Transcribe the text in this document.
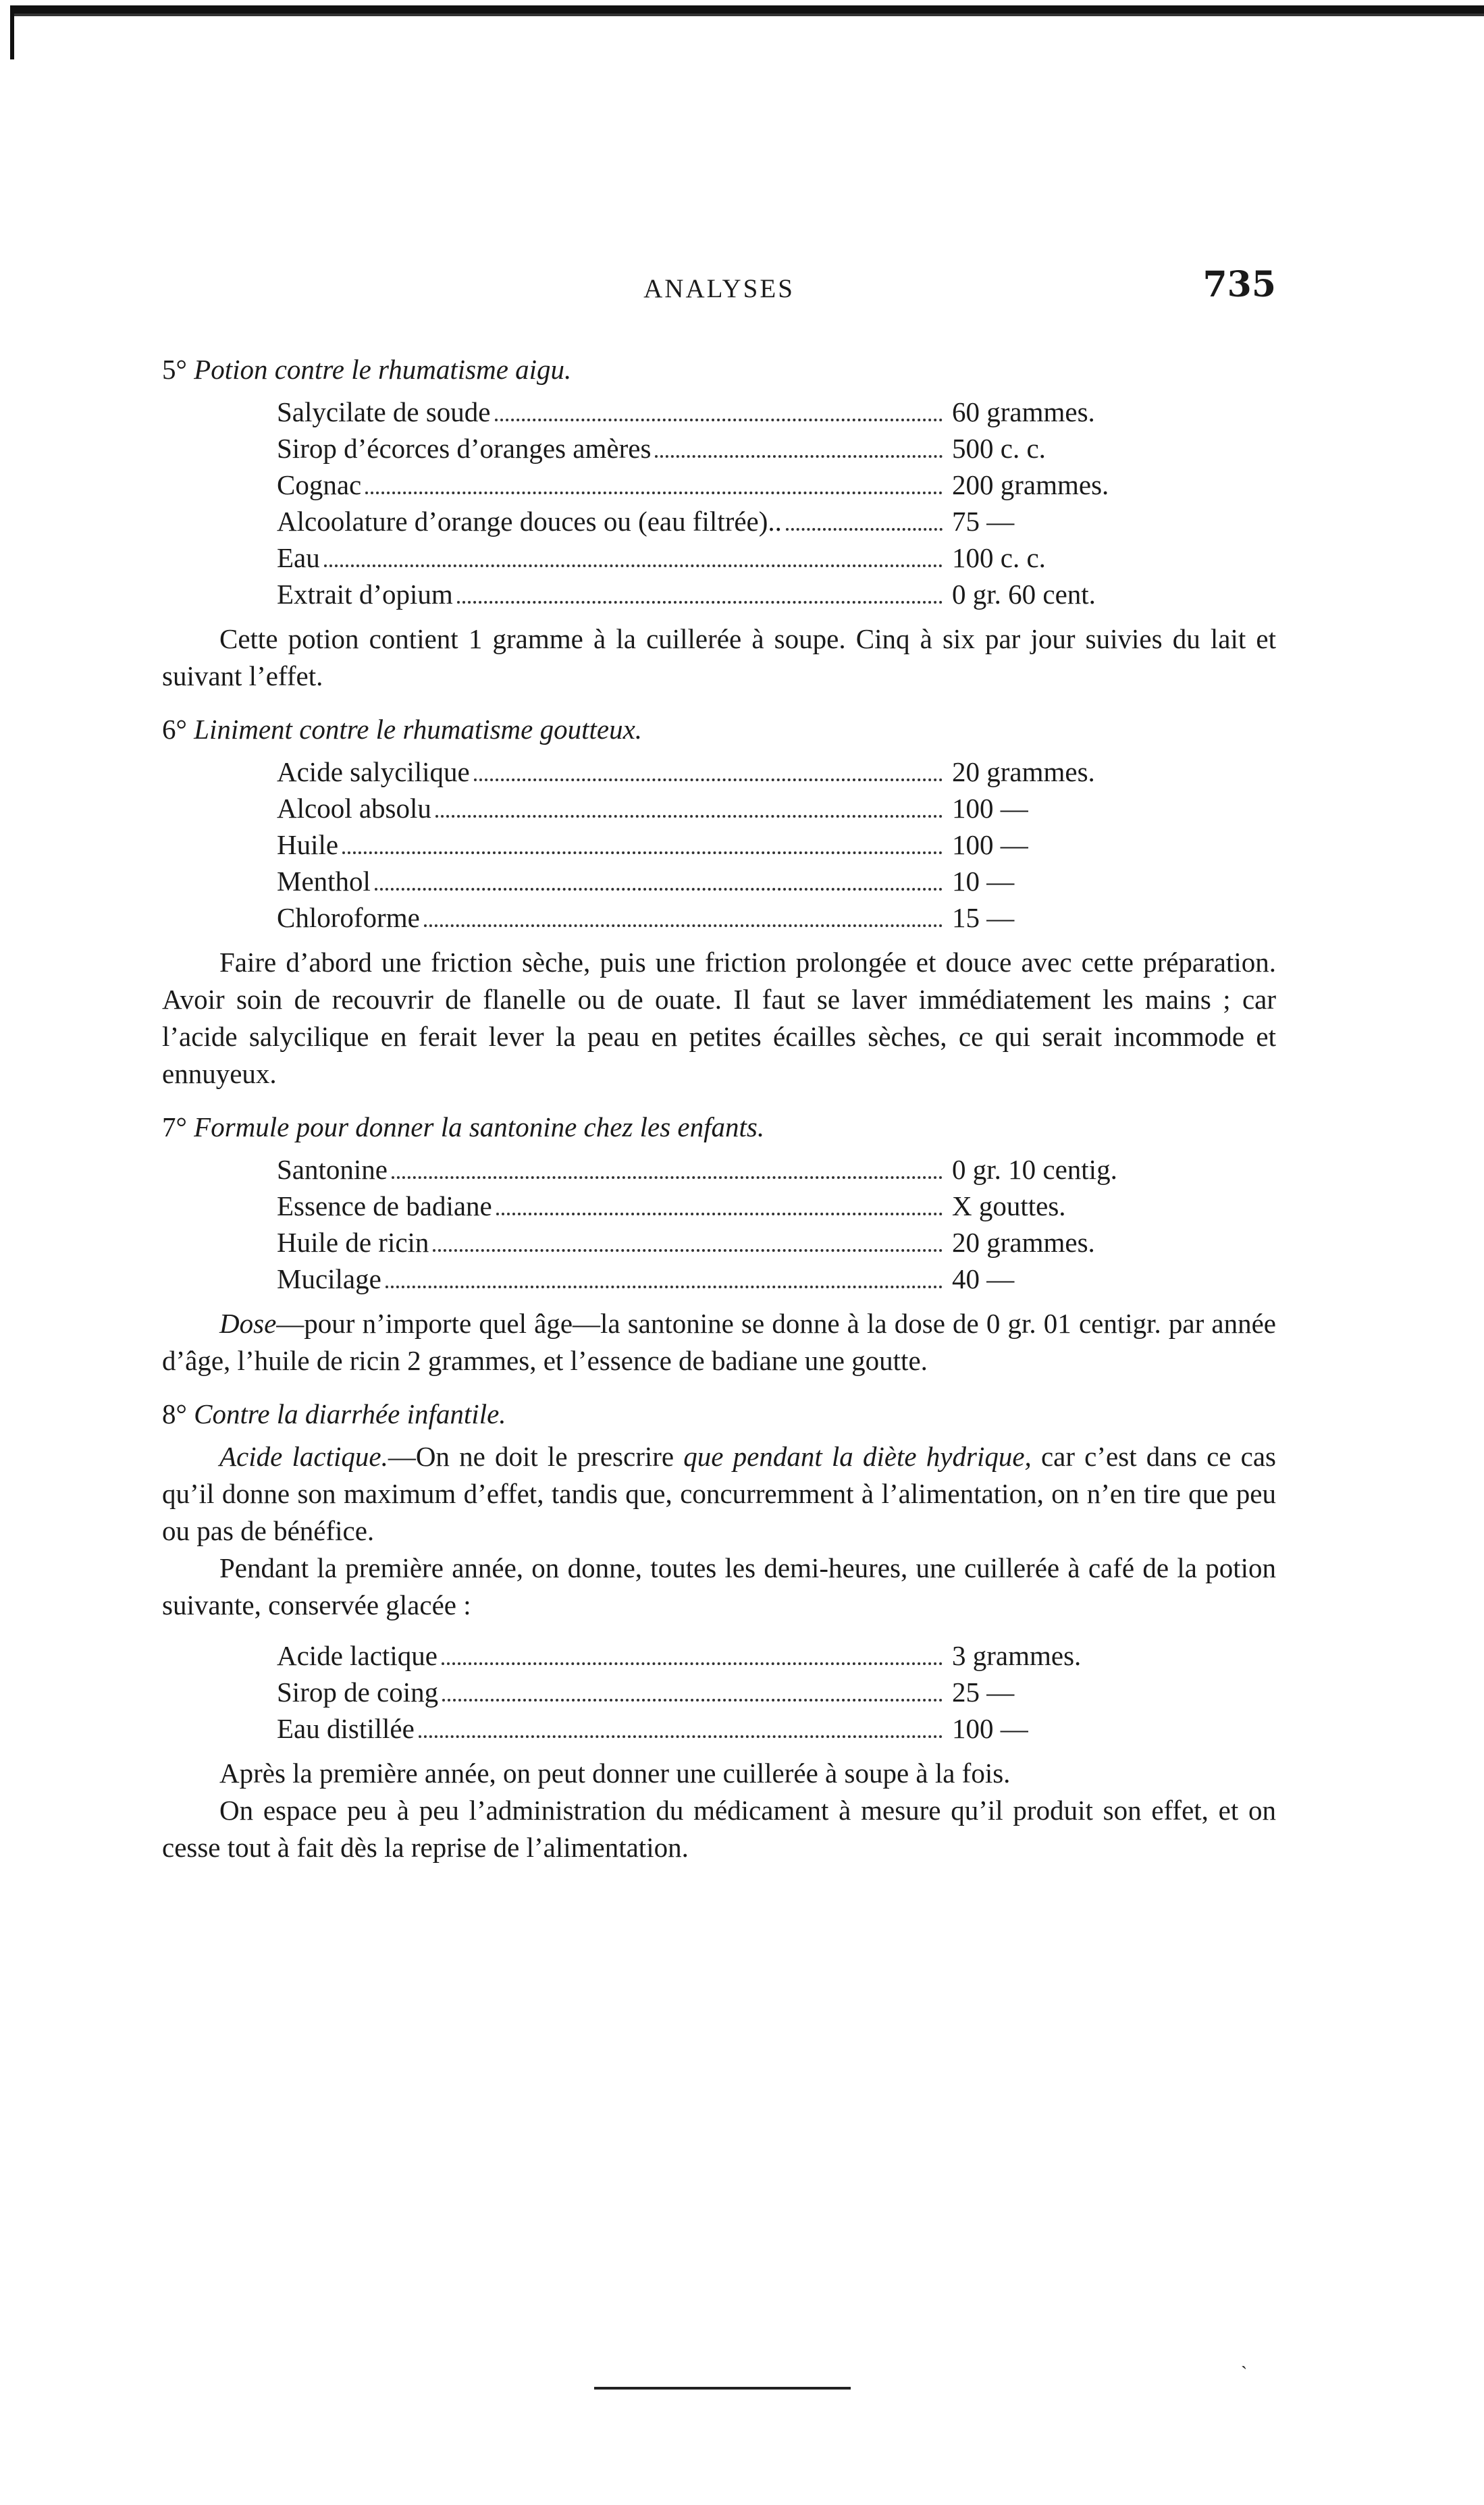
ANALYSES	735
5° Potion contre le rhumatisme aigu.
Salycilate de soude	60 grammes.
Sirop d’écorces d’oranges amères	500 c. c.
Cognac	200 grammes.
Alcoolature d’orange douces ou (eau filtrée)..	75 —
Eau	100 c. c.
Extrait d’opium	0 gr. 60 cent.

Cette potion contient 1 gramme à la cuillerée à soupe. Cinq à six par jour suivies du lait et suivant l’effet.

6° Liniment contre le rhumatisme goutteux.
Acide salycilique	20 grammes.
Alcool absolu	100 —
Huile	100 —
Menthol	10 —
Chloroforme	15 —

Faire d’abord une friction sèche, puis une friction prolongée et douce avec cette préparation. Avoir soin de recouvrir de flanelle ou de ouate. Il faut se laver immédiatement les mains ; car l’acide salycilique en ferait lever la peau en petites écailles sèches, ce qui serait incommode et ennuyeux.

7° Formule pour donner la santonine chez les enfants.
Santonine	0 gr. 10 centig.
Essence de badiane	X gouttes.
Huile de ricin	20 grammes.
Mucilage	40 —

Dose—pour n’importe quel âge—la santonine se donne à la dose de 0 gr. 01 centigr. par année d’âge, l’huile de ricin 2 grammes, et l’essence de badiane une goutte.

8° Contre la diarrhée infantile.

Acide lactique.—On ne doit le prescrire que pendant la diète hydrique, car c’est dans ce cas qu’il donne son maximum d’effet, tandis que, concurremment à l’alimentation, on n’en tire que peu ou pas de bénéfice.

Pendant la première année, on donne, toutes les demi-heures, une cuillerée à café de la potion suivante, conservée glacée :

Acide lactique	3 grammes.
Sirop de coing	25 —
Eau distillée	100 —

Après la première année, on peut donner une cuillerée à soupe à la fois.

On espace peu à peu l’administration du médicament à mesure qu’il produit son effet, et on cesse tout à fait dès la reprise de l’alimentation.

`
